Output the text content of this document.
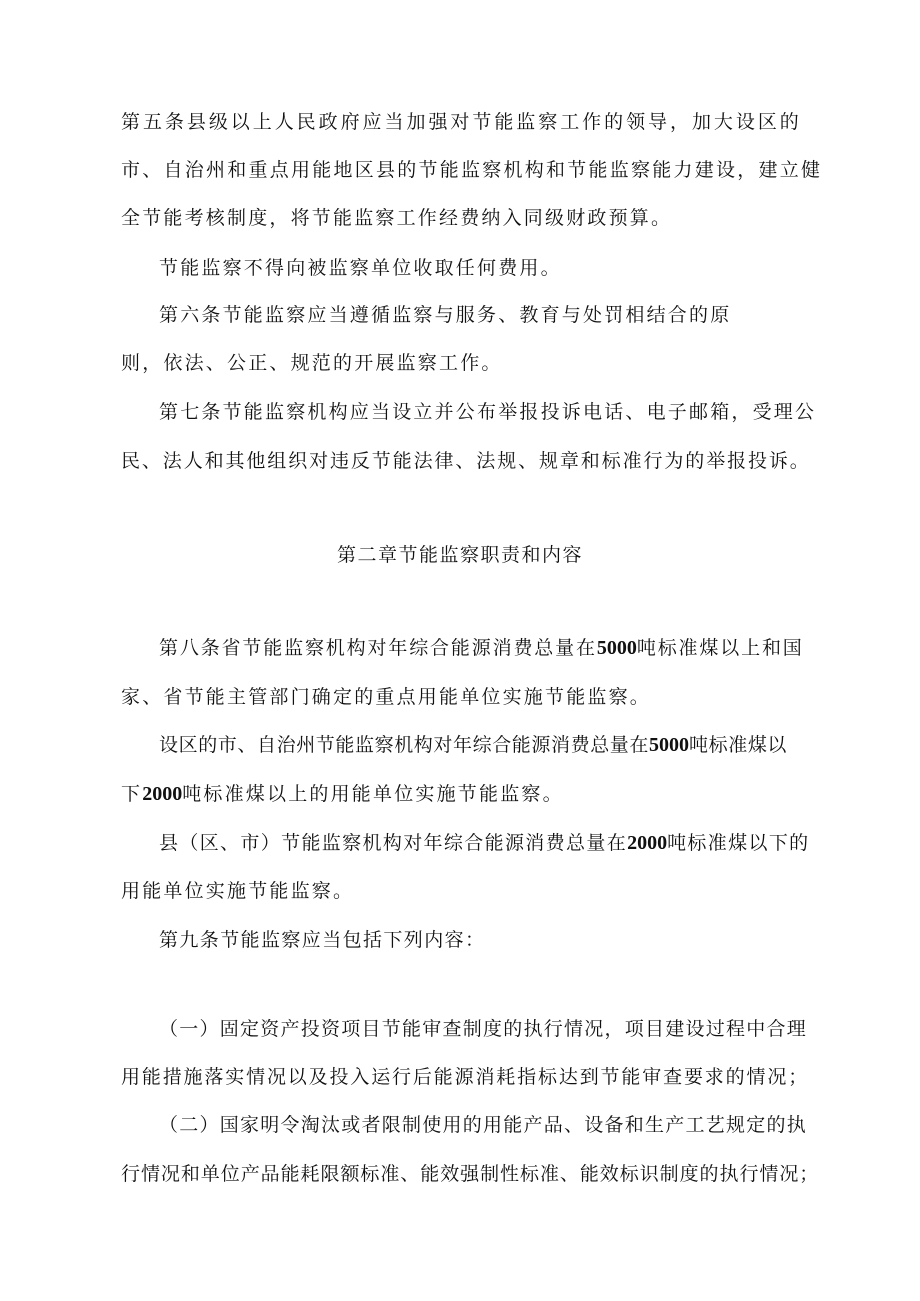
第五条县级以上人民政府应当加强对节能监察工作的领导，加大设区的
市、自治州和重点用能地区县的节能监察机构和节能监察能力建设，建立健
全节能考核制度，将节能监察工作经费纳入同级财政预算。
节能监察不得向被监察单位收取任何费用。
第六条节能监察应当遵循监察与服务、教育与处罚相结合的原
则，依法、公正、规范的开展监察工作。
第七条节能监察机构应当设立并公布举报投诉电话、电子邮箱，受理公
民、法人和其他组织对违反节能法律、法规、规章和标准行为的举报投诉。
第二章节能监察职责和内容
第八条省节能监察机构对年综合能源消费总量在5000吨标准煤以上和国
家、省节能主管部门确定的重点用能单位实施节能监察。
设区的市、自治州节能监察机构对年综合能源消费总量在5000吨标准煤以
下2000吨标准煤以上的用能单位实施节能监察。
县（区、市）节能监察机构对年综合能源消费总量在2000吨标准煤以下的
用能单位实施节能监察。
第九条节能监察应当包括下列内容：
（一）固定资产投资项目节能审查制度的执行情况，项目建设过程中合理
用能措施落实情况以及投入运行后能源消耗指标达到节能审查要求的情况；
（二）国家明令淘汰或者限制使用的用能产品、设备和生产工艺规定的执
行情况和单位产品能耗限额标准、能效强制性标准、能效标识制度的执行情况；
